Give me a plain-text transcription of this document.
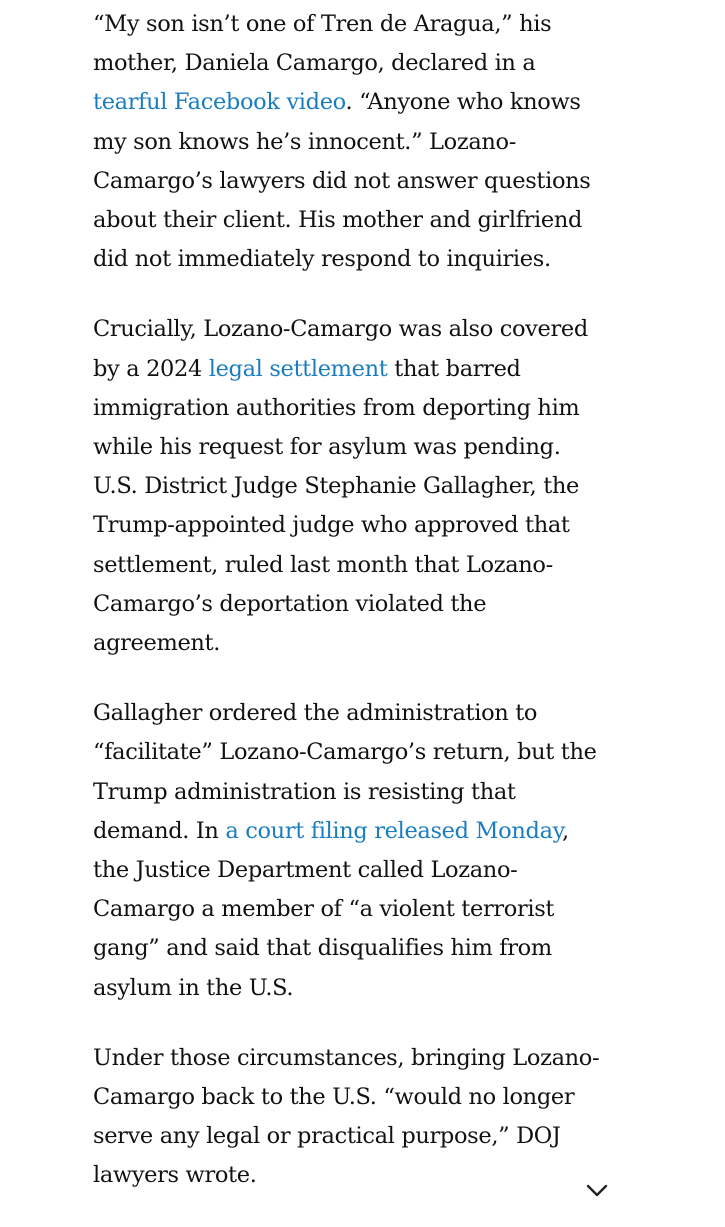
“My son isn’t one of Tren de Aragua,” his mother, Daniela Camargo, declared in a tearful Facebook video. “Anyone who knows my son knows he’s innocent.” Lozano-Camargo’s lawyers did not answer questions about their client. His mother and girlfriend did not immediately respond to inquiries.

Crucially, Lozano-Camargo was also covered by a 2024 legal settlement that barred immigration authorities from deporting him while his request for asylum was pending. U.S. District Judge Stephanie Gallagher, the Trump-appointed judge who approved that settlement, ruled last month that Lozano-Camargo’s deportation violated the agreement.

Gallagher ordered the administration to “facilitate” Lozano-Camargo’s return, but the Trump administration is resisting that demand. In a court filing released Monday, the Justice Department called Lozano-Camargo a member of “a violent terrorist gang” and said that disqualifies him from asylum in the U.S.

Under those circumstances, bringing Lozano-Camargo back to the U.S. “would no longer serve any legal or practical purpose,” DOJ lawyers wrote.
